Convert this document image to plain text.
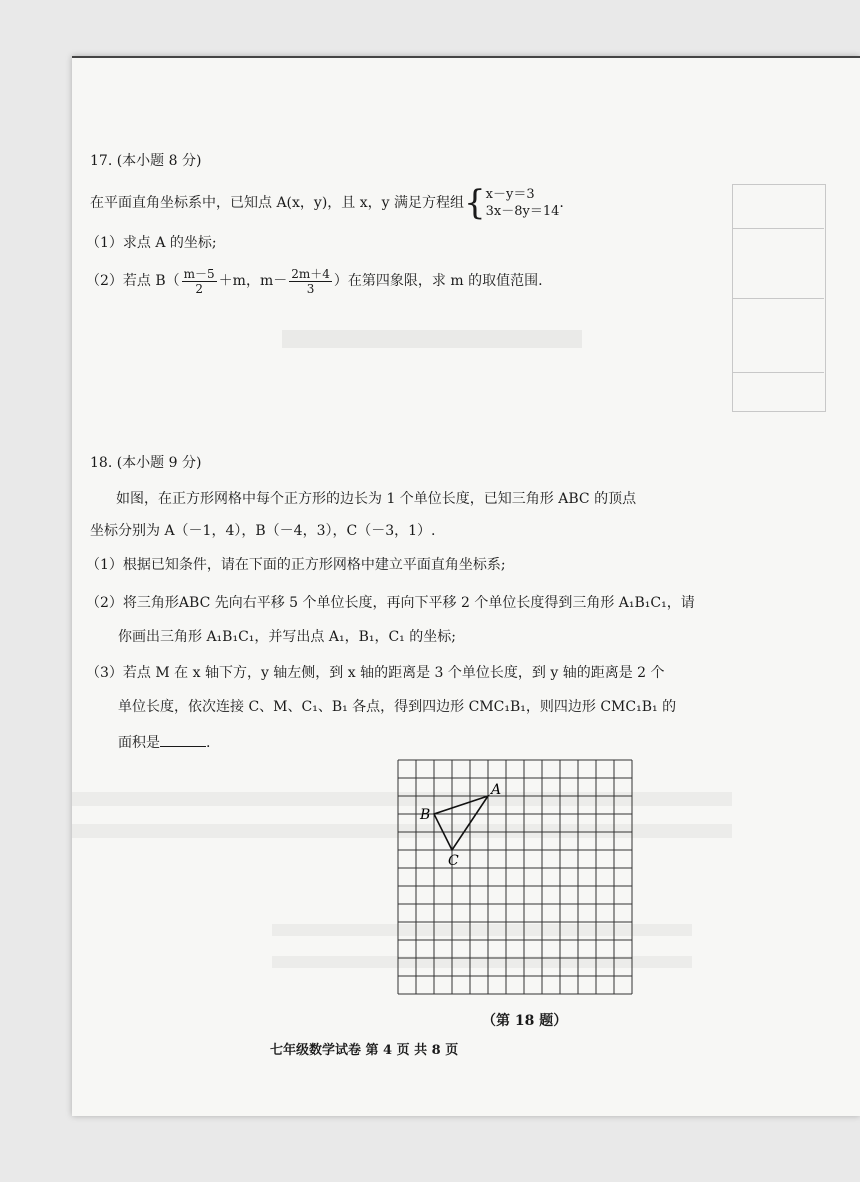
17. (本小题 8 分)
在平面直角坐标系中，已知点 A(x，y)，且 x，y 满足方程组{ x－y＝3
3x－8y＝14
.
（1）求点 A 的坐标;
（2）若点 $B( \frac{m-5}{2} +m$，$m- \frac{2m+4}{3}$ ）在第四象限，求 m 的取值范围.
18. (本小题 9 分)
如图，在正方形网格中每个正方形的边长为 1 个单位长度，已知三角形 ABC 的顶点
坐标分别为 A（－1，4），B（－4，3），C（－3，1）.
（1）根据已知条件，请在下面的正方形网格中建立平面直角坐标系;
（2）将三角形ABC 先向右平移 5 个单位长度，再向下平移 2 个单位长度得到三角形 A₁B₁C₁，请
你画出三角形 A₁B₁C₁，并写出点 A₁，B₁，C₁ 的坐标;
（3）若点 M 在 x 轴下方，y 轴左侧，到 x 轴的距离是 3 个单位长度，到 y 轴的距离是 2 个
单位长度，依次连接 C、M、C₁、B₁ 各点，得到四边形 CMC₁B₁，则四边形 CMC₁B₁ 的
面积是	.
A
B
C
（第 18 题）
七年级数学试卷 第 4 页 共 8 页
